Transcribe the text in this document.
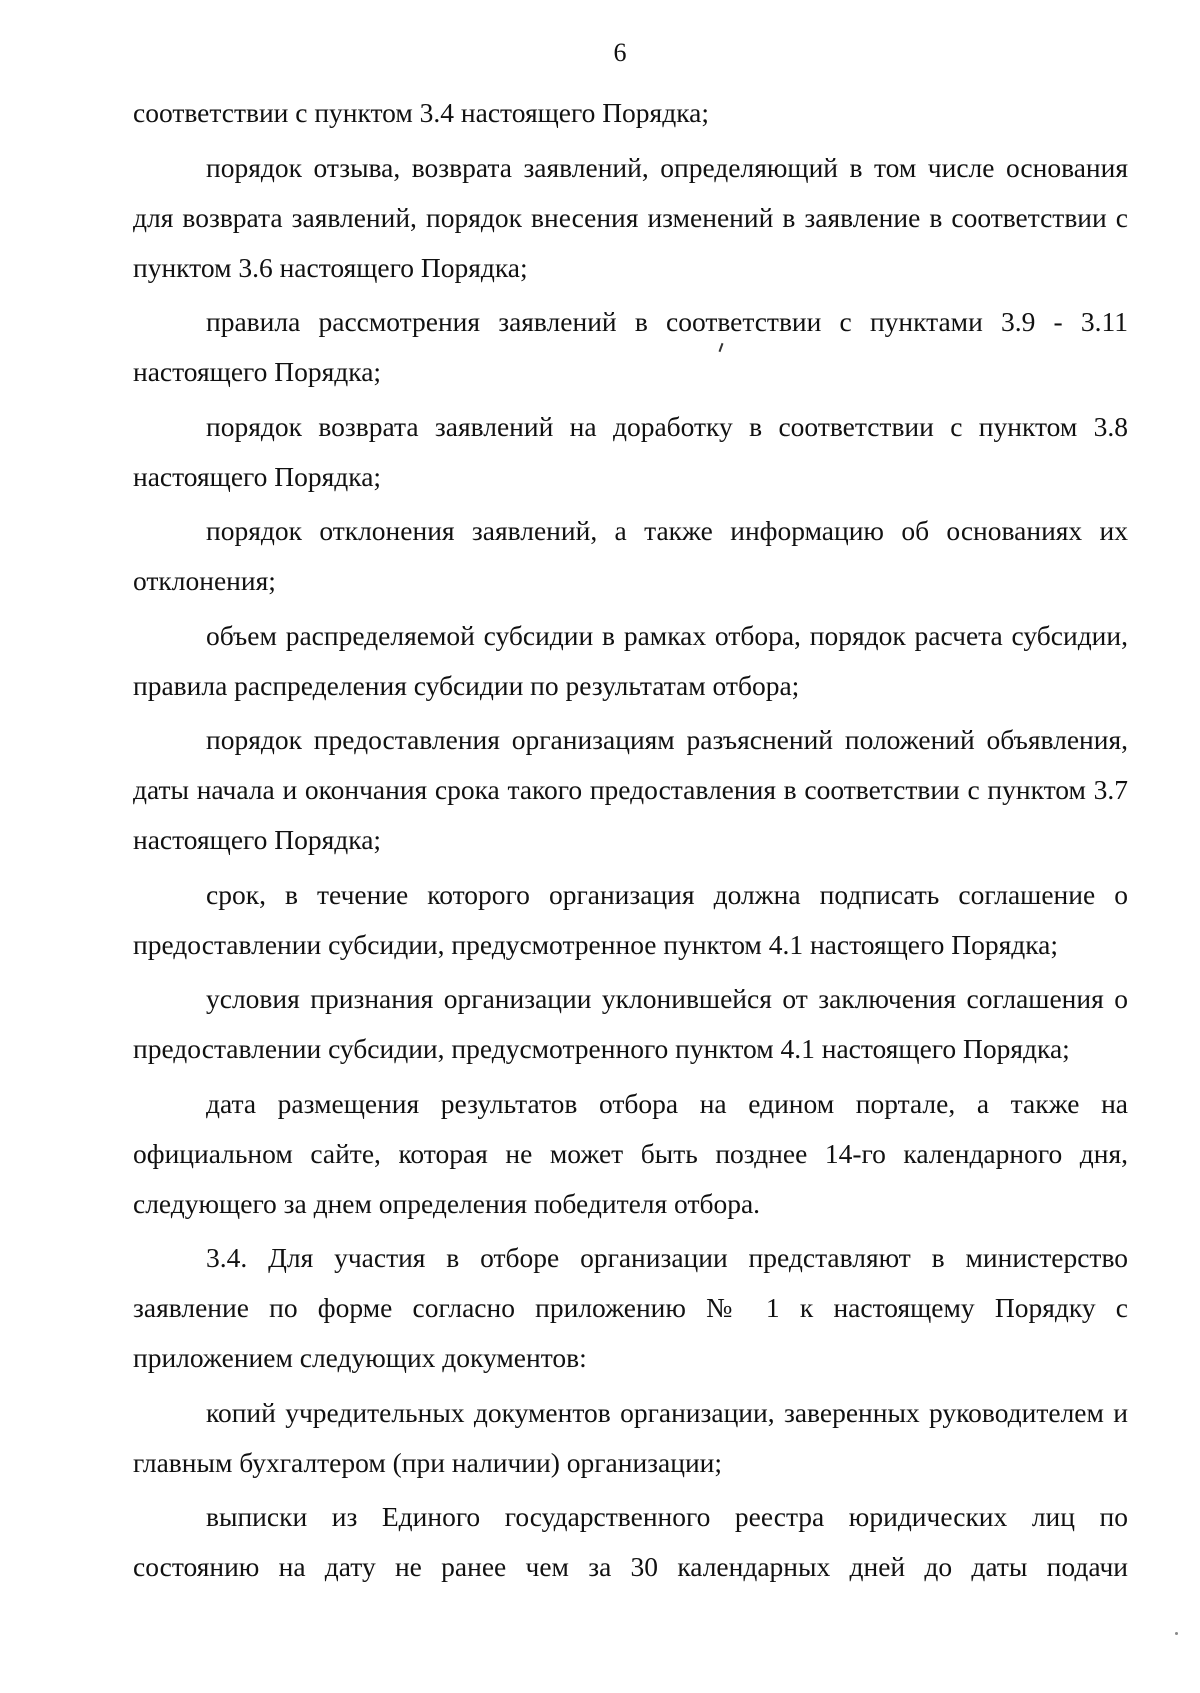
6

соответствии с пунктом 3.4 настоящего Порядка;

порядок отзыва, возврата заявлений, определяющий в том числе основания для возврата заявлений, порядок внесения изменений в заявление в соответствии с пунктом 3.6 настоящего Порядка;

правила рассмотрения заявлений в соответствии с пунктами 3.9 - 3.11 настоящего Порядка;

порядок возврата заявлений на доработку в соответствии с пунктом 3.8 настоящего Порядка;

порядок отклонения заявлений, а также информацию об основаниях их отклонения;

объем распределяемой субсидии в рамках отбора, порядок расчета субсидии, правила распределения субсидии по результатам отбора;

порядок предоставления организациям разъяснений положений объявления, даты начала и окончания срока такого предоставления в соответствии с пунктом 3.7 настоящего Порядка;

срок, в течение которого организация должна подписать соглашение о предоставлении субсидии, предусмотренное пунктом 4.1 настоящего Порядка;

условия признания организации уклонившейся от заключения соглашения о предоставлении субсидии, предусмотренного пунктом 4.1 настоящего Порядка;

дата размещения результатов отбора на едином портале, а также на официальном сайте, которая не может быть позднее 14-го календарного дня, следующего за днем определения победителя отбора.

3.4. Для участия в отборе организации представляют в министерство заявление по форме согласно приложению № 1 к настоящему Порядку с приложением следующих документов:

копий учредительных документов организации, заверенных руководителем и главным бухгалтером (при наличии) организации;

выписки из Единого государственного реестра юридических лиц по состоянию на дату не ранее чем за 30 календарных дней до даты подачи
